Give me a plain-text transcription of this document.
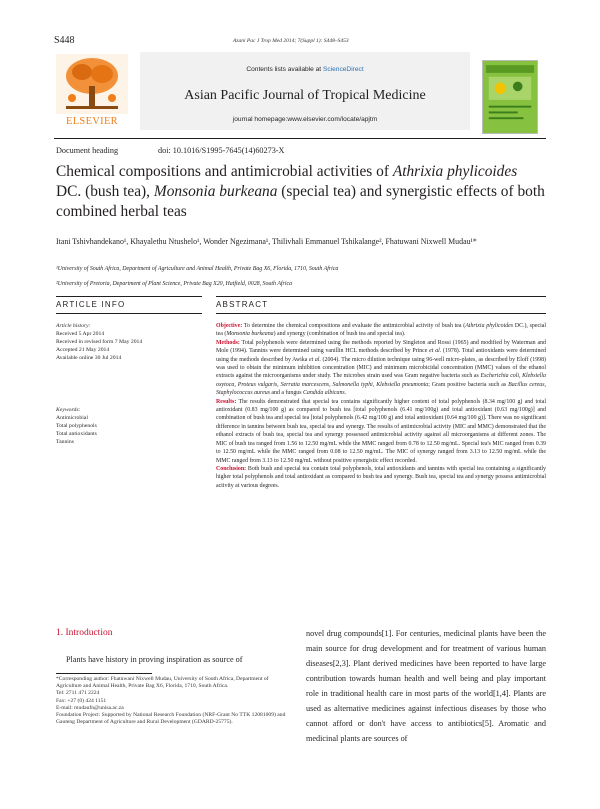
S448	Azani Pac J Trop Med 2014; 7(Suppl 1): S448–S453
Contents lists available at ScienceDirect
Asian Pacific Journal of Tropical Medicine
journal homepage:www.elsevier.com/locate/apjtm
ELSEVIER
Document heading	doi: 10.1016/S1995-7645(14)60273-X
Chemical compositions and antimicrobial activities of Athrixia phylicoides DC. (bush tea), Monsonia burkeana (special tea) and synergistic effects of both combined herbal teas
Itani Tshivhandekano¹, Khayalethu Ntushelo¹, Wonder Ngezimana¹, Thilivhali Emmanuel Tshikalange², Fhatuwani Nixwell Mudau¹*
¹University of South Africa, Department of Agriculture and Animal Health, Private Bag X6, Florida, 1710, South Africa
²University of Pretoria, Department of Plant Science, Private Bag X20, Hatfield, 0028, South Africa
ARTICLE INFO	ABSTRACT
Article history:
Received 5 Apr 2014
Received in revised form 7 May 2014
Accepted 21 May 2014
Available online 30 Jul 2014
Keywords:
Antimicrobial
Total polyphenols
Total antioxidants
Tannins
Objective: To determine the chemical compositions and evaluate the antimicrobial activity of bush tea (Athrixia phylicoides DC.), special tea (Monsonia burkeana) and synergy (combination of bush tea and special tea).
Methods: Total polyphenols were determined using the methods reported by Singleton and Rossi (1965) and modified by Waterman and Mole (1994). Tannins were determined using vanillin HCL methods described by Prince et al. (1978). Total antioxidants were determined using the methods described by Awika et al. (2004). The micro dilution technique using 96-well micro-plates, as described by Eloff (1998) was used to obtain the minimum inhibition concentration (MIC) and minimum microbicidal concentration (MMC) values of the ethanol extracts against the microorganisms under study. The microbes strain used was Gram negative bacteria such as Escherichia coli, Klebsiella oxytoca, Proteus vulgaris, Serratia marcescens, Salmonella typhi, Klebsiella pneumonia; Gram positive bacteria such as Bacillus cereus, Staphylococcus aureus and a fungus Candida albicans.
Results: The results demonstrated that special tea contains significantly higher content of total polyphenols (8.34 mg/100 g) and total antioxidant (0.83 mg/100 g) as compared to bush tea [total polyphenols (6.41 mg/100g) and total antioxidant (0.63 mg/100g)] and combination of bush tea and special tea [total polyphenols (6.42 mg/100 g) and total antioxidant (0.64 mg/100 g)]. There was no significant difference in tannins between bush tea, special tea and synergy. The results of antimicrobial activity (MIC and MMC) demonstrated that the ethanol extracts of bush tea, special tea and synergy possessed antimicrobial activity against all microorganisms at different zones. The MIC of bush tea ranged from 1.56 to 12.50 mg/mL while the MMC ranged from 0.78 to 12.50 mg/mL. Special tea's MIC ranged from 0.39 to 12.50 mg/mL while the MMC ranged from 0.08 to 12.50 mg/mL. The MIC of synergy ranged from 3.13 to 12.50 mg/mL while the MMC ranged from 3.13 to 12.50 mg/mL without positive synergistic effect recorded.
Conclusion: Both bush and special tea contain total polyphenols, total antioxidants and tannins with special tea containing a significantly higher total polyphenols and total antioxidant as compared to bush tea and synergy. Bush tea, special tea and synergy possess antimicrobial activity at various degrees.
1. Introduction
Plants have history in proving inspiration as source of
*Corresponding author: Fhatuwani Nixwell Mudau, University of South Africa, Department of Agriculture and Animal Health, Private Bag X6, Florida, 1710, South Africa.
Tel: 2711 471 2224
Fax: +27 (0) 424 1151
E-mail: mudaufn@unisa.ac.za
Foundation Project: Supported by National Research Foundation (NRF-Grant No TTK 12081009) and Gauteng Department of Agriculture and Rural Development (GDARD-25775).
novel drug compounds[1]. For centuries, medicinal plants have been the main source for drug development and for treatment of various human diseases[2,3]. Plant derived medicines have been reported to have large contribution towards human health and well being and play important role in traditional health care in most parts of the world[1,4]. Plants are used as alternative medicines against infectious diseases by those who cannot afford or don't have access to antibiotics[5]. Aromatic and medicinal plants are sources of
